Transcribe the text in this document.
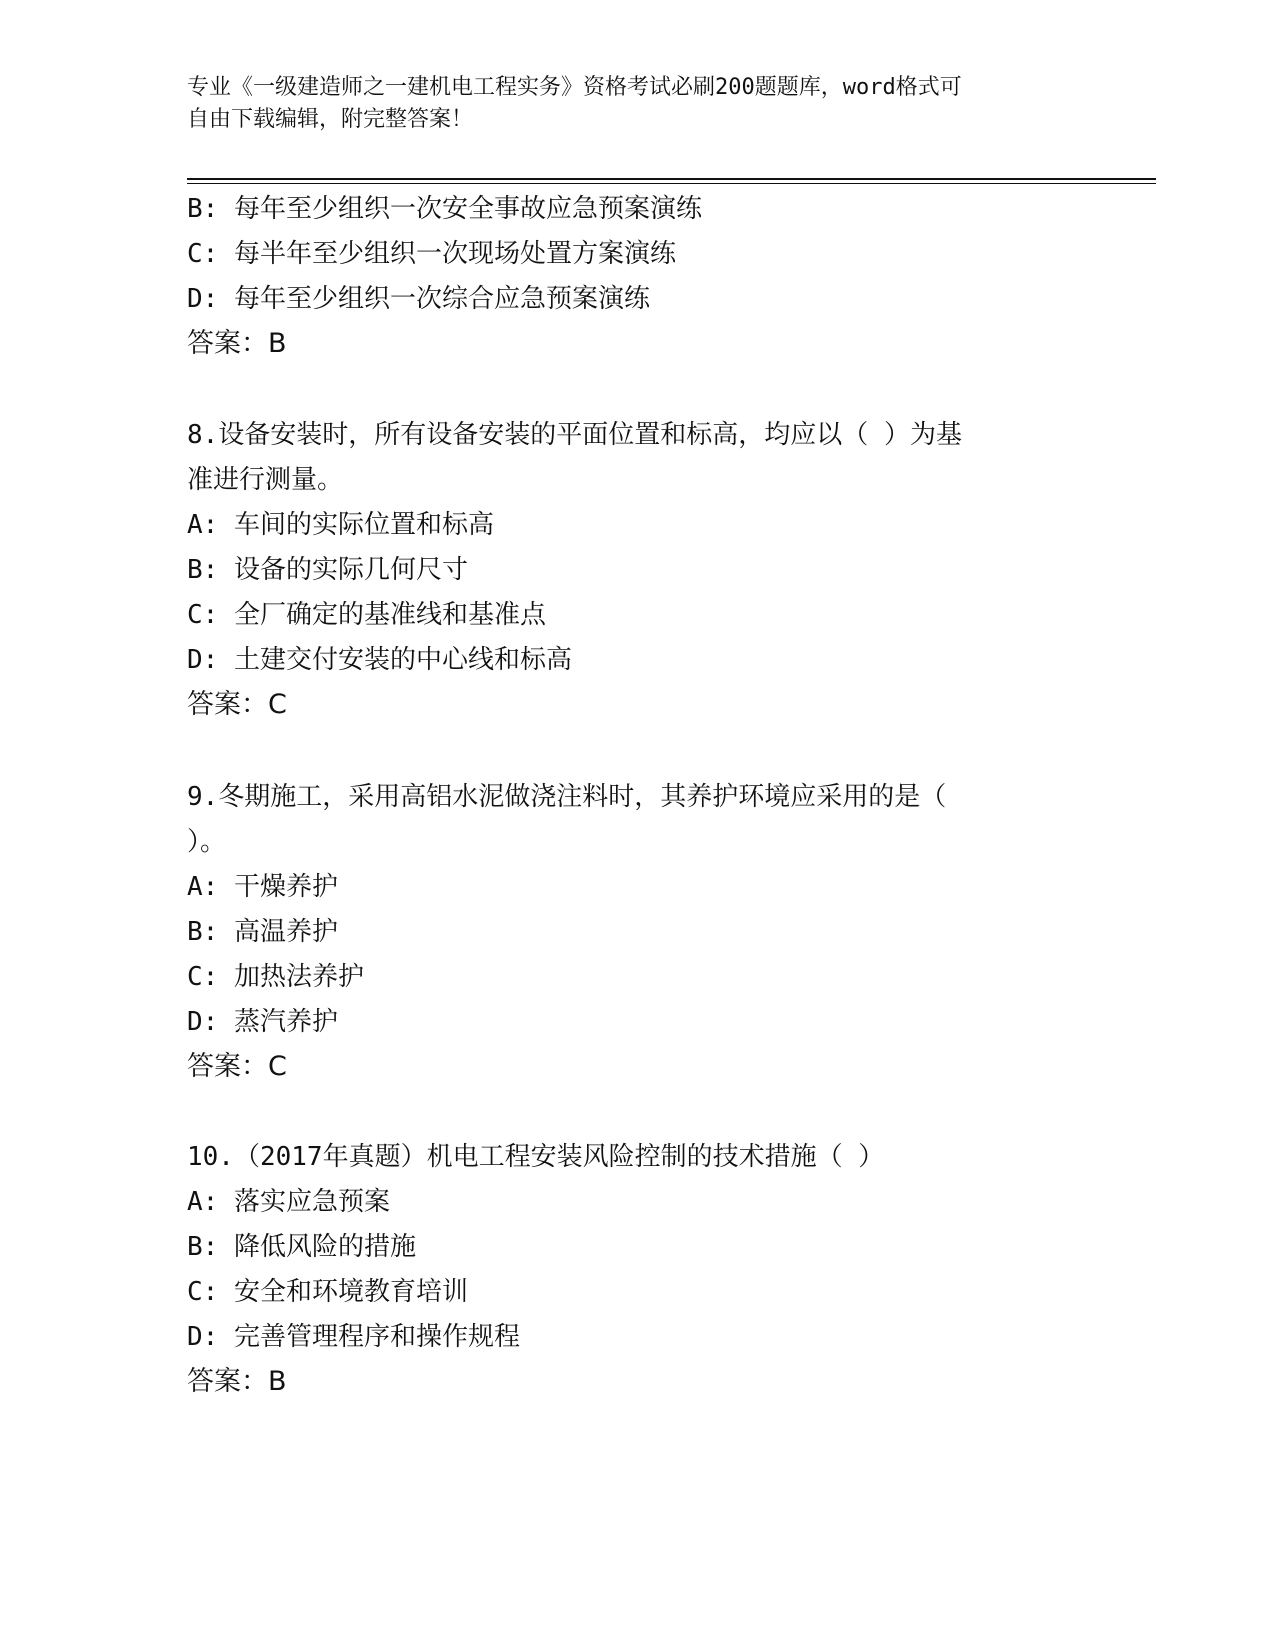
专业《一级建造师之一建机电工程实务》资格考试必刷200题题库，word格式可
自由下载编辑，附完整答案！
B: 每年至少组织一次安全事故应急预案演练
C: 每半年至少组织一次现场处置方案演练
D: 每年至少组织一次综合应急预案演练
答案：B
8.设备安装时，所有设备安装的平面位置和标高，均应以（ ）为基
准进行测量。
A: 车间的实际位置和标高
B: 设备的实际几何尺寸
C: 全厂确定的基准线和基准点
D: 土建交付安装的中心线和标高
答案：C
9.冬期施工，采用高铝水泥做浇注料时，其养护环境应采用的是（
）。
A: 干燥养护
B: 高温养护
C: 加热法养护
D: 蒸汽养护
答案：C
10.（2017年真题）机电工程安装风险控制的技术措施（ ）
A: 落实应急预案
B: 降低风险的措施
C: 安全和环境教育培训
D: 完善管理程序和操作规程
答案：B
